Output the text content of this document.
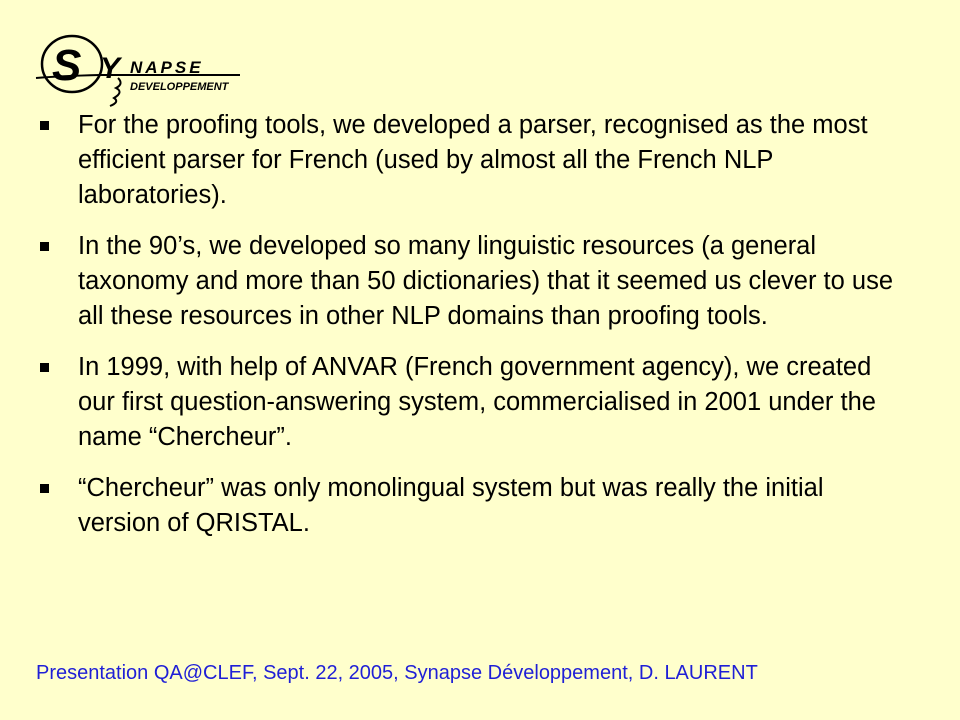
S Y NAPSE
DEVELOPPEMENT
For the proofing tools, we developed a parser, recognised as the most efficient parser for French (used by almost all the French NLP laboratories).
In the 90’s, we developed so many linguistic resources (a general taxonomy and more than 50 dictionaries) that it seemed us clever to use all these resources in other NLP domains than proofing tools.
In 1999, with help of ANVAR (French government agency), we created our first question-answering system, commercialised in 2001 under the name “Chercheur”.
“Chercheur” was only monolingual system but was really the initial version of QRISTAL.
Presentation QA@CLEF, Sept. 22, 2005, Synapse Développement, D. LAURENT
